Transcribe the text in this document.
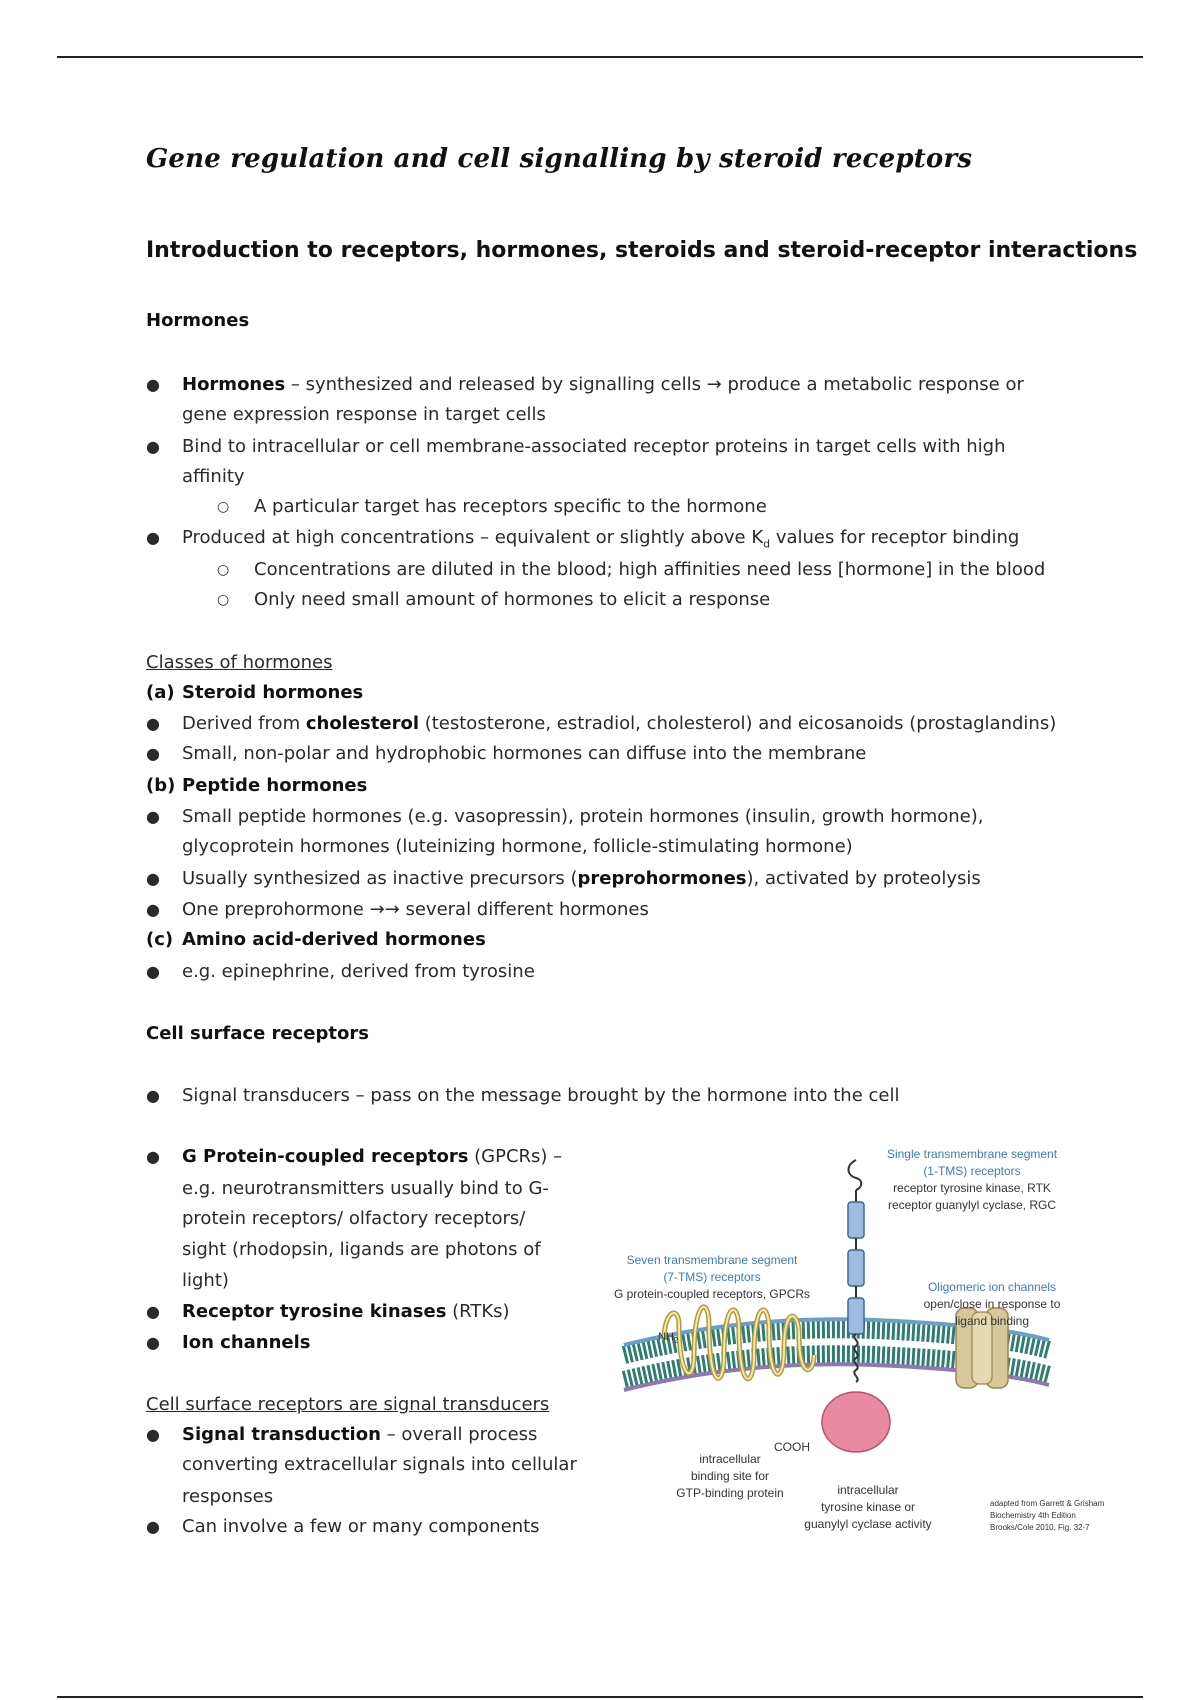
Gene regulation and cell signalling by steroid receptors
Introduction to receptors, hormones, steroids and steroid-receptor interactions
Hormones
● Hormones – synthesized and released by signalling cells → produce a metabolic response or
gene expression response in target cells
● Bind to intracellular or cell membrane-associated receptor proteins in target cells with high
affinity
○ A particular target has receptors specific to the hormone
● Produced at high concentrations – equivalent or slightly above $K_d$ values for receptor binding
○ Concentrations are diluted in the blood; high affinities need less [hormone] in the blood
○ Only need small amount of hormones to elicit a response
Classes of hormones
(a) Steroid hormones
● Derived from cholesterol (testosterone, estradiol, cholesterol) and eicosanoids (prostaglandins)
● Small, non-polar and hydrophobic hormones can diffuse into the membrane
(b) Peptide hormones
● Small peptide hormones (e.g. vasopressin), protein hormones (insulin, growth hormone),
glycoprotein hormones (luteinizing hormone, follicle-stimulating hormone)
● Usually synthesized as inactive precursors (preprohormones), activated by proteolysis
● One preprohormone →→ several different hormones
(c) Amino acid-derived hormones
● e.g. epinephrine, derived from tyrosine
Cell surface receptors
● Signal transducers – pass on the message brought by the hormone into the cell
● G Protein-coupled receptors (GPCRs) –
e.g. neurotransmitters usually bind to G-
protein receptors/ olfactory receptors/
sight (rhodopsin, ligands are photons of
light)
● Receptor tyrosine kinases (RTKs)
● Ion channels
Cell surface receptors are signal transducers
● Signal transduction – overall process
converting extracellular signals into cellular
responses
● Can involve a few or many components
Single transmembrane segment
(1-TMS) receptors
receptor tyrosine kinase, RTK
receptor guanylyl cyclase, RGC
Seven transmembrane segment
(7-TMS) receptors
G protein-coupled receptors, GPCRs	Oligomeric ion channels
open/close in response to
ligand binding
$NH_2$
COOH
intracellular
binding site for
GTP-binding protein	intracellular
tyrosine kinase or
guanylyl cyclase activity
adapted from Garrett & Grisham
Biochemistry 4th Edition
Brooks/Cole 2010, Fig. 32-7
